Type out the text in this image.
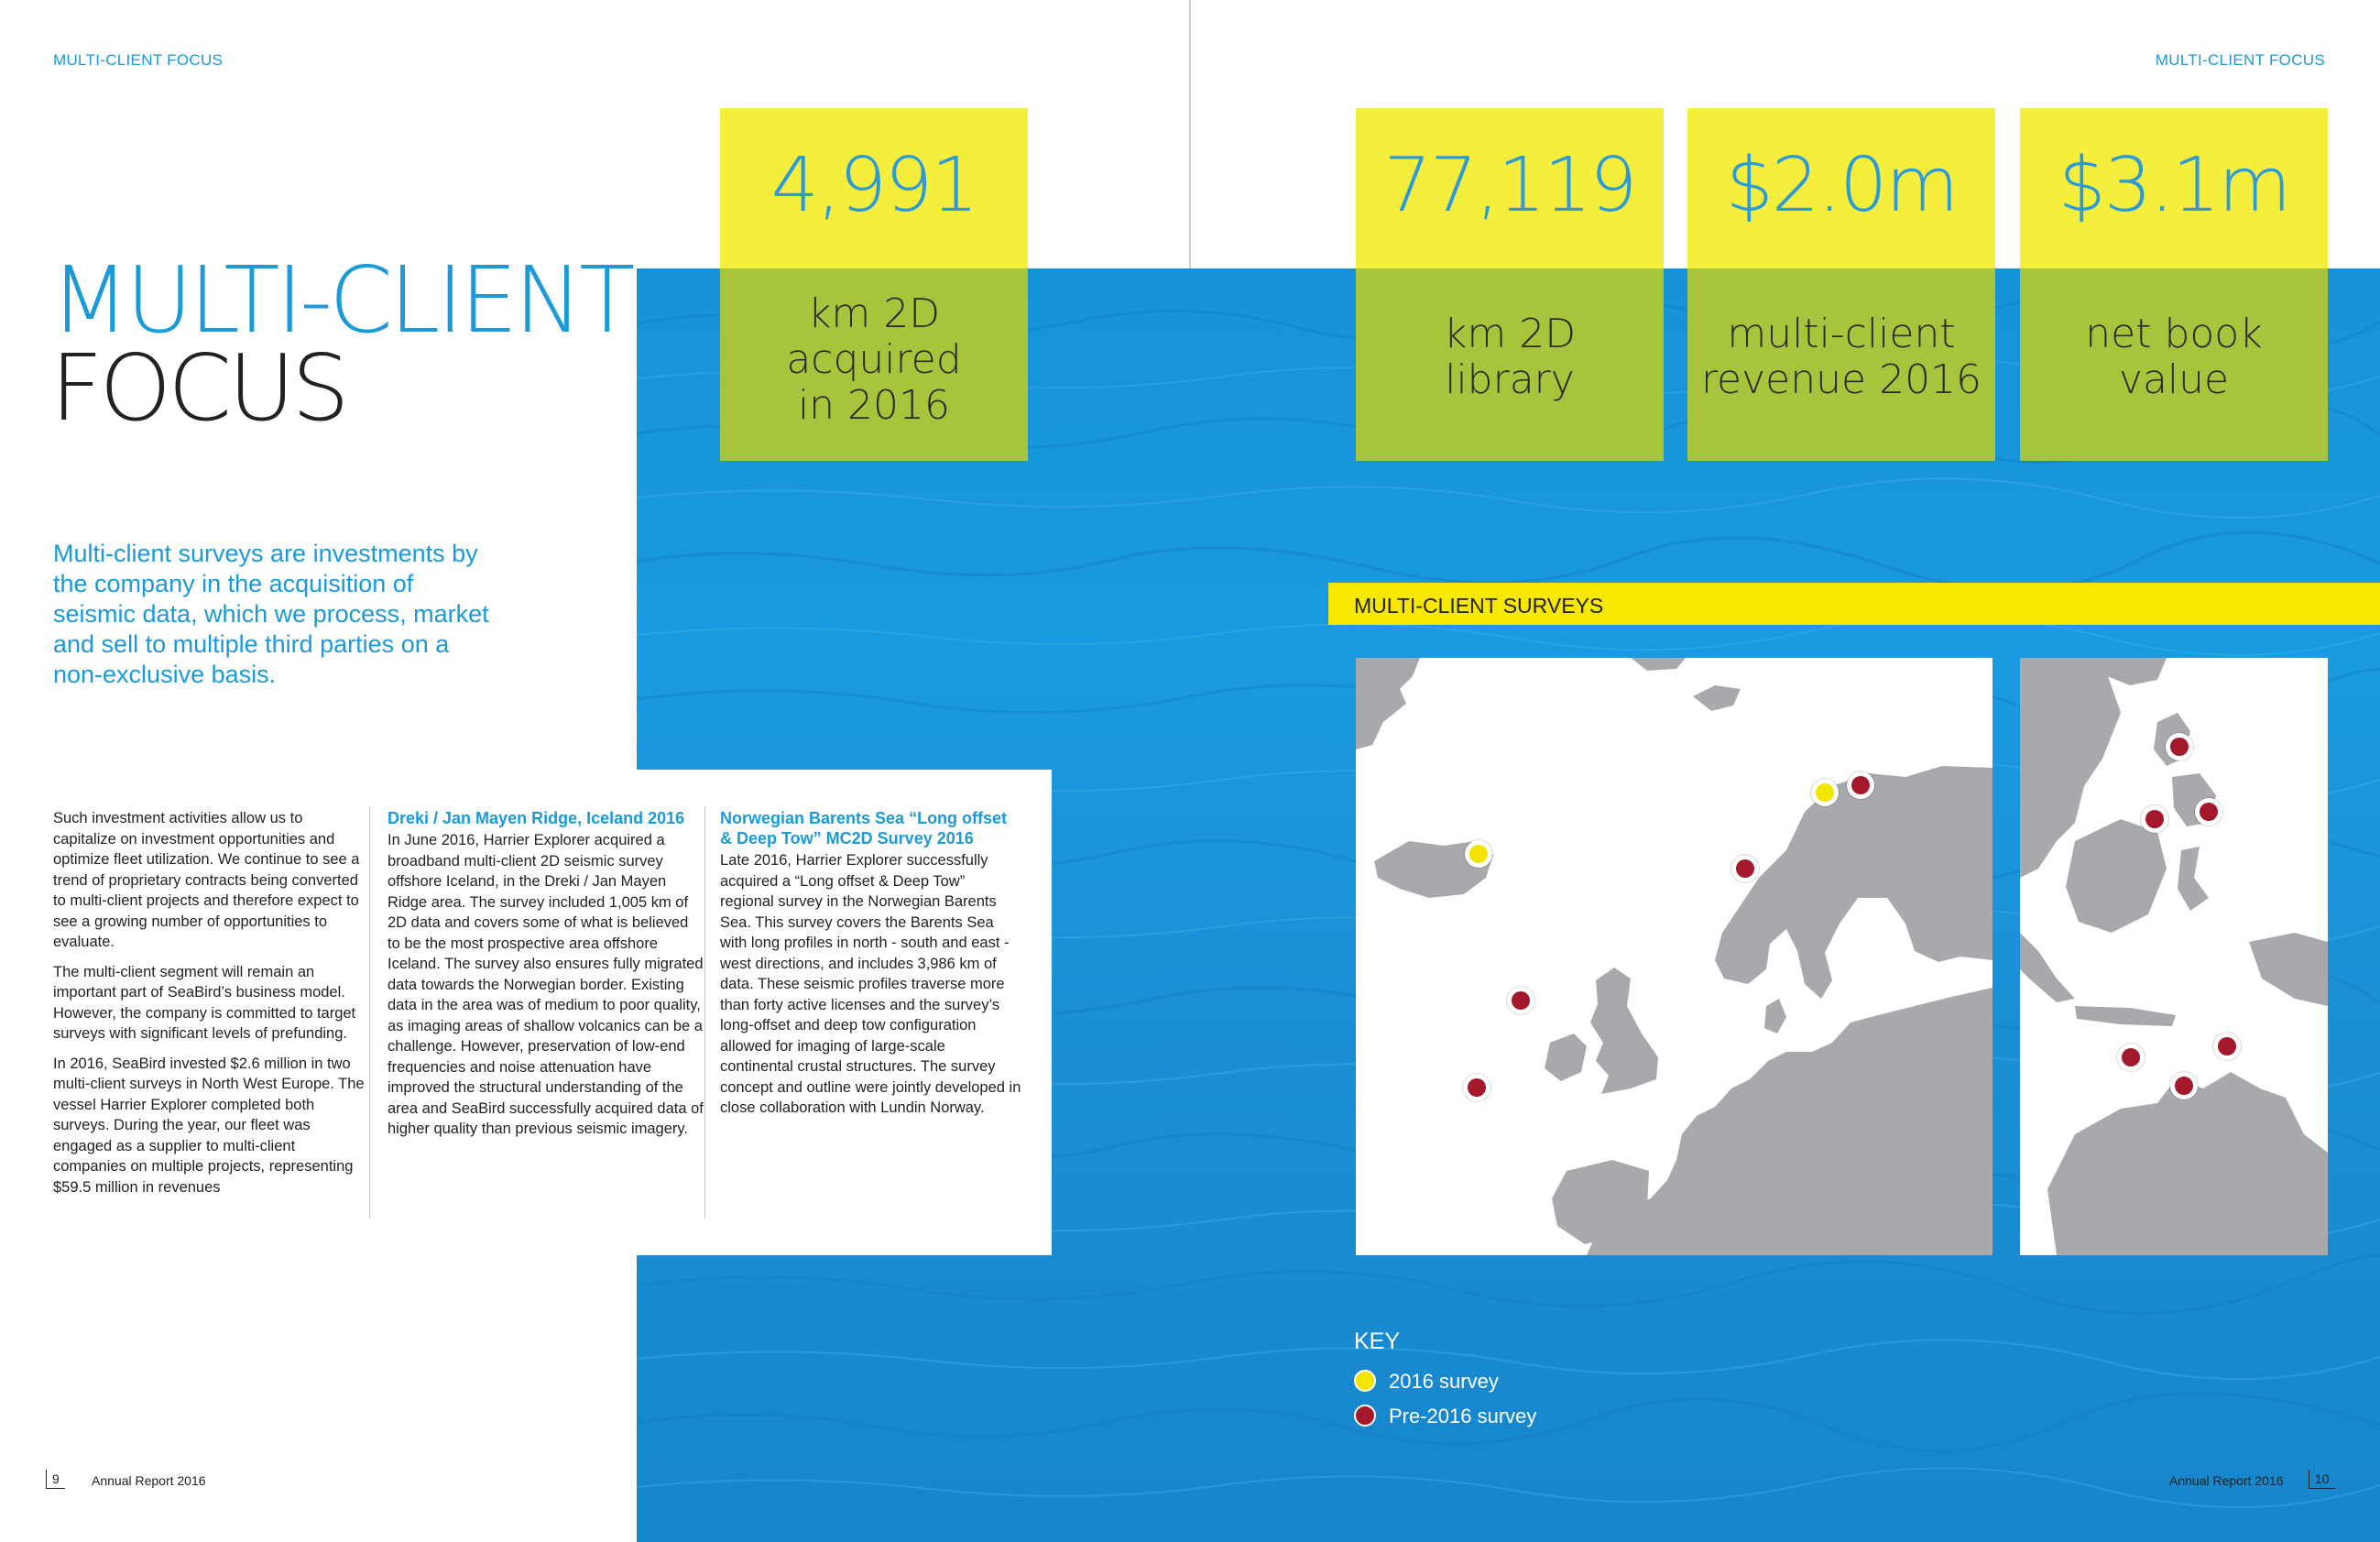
MULTI-CLIENT FOCUS	MULTI-CLIENT FOCUS
MULTI-CLIENT
FOCUS
Multi-client surveys are investments by the company in the acquisition of seismic data, which we process, market and sell to multiple third parties on a non-exclusive basis.

Such investment activities allow us to capitalize on investment opportunities and optimize fleet utilization. We continue to see a trend of proprietary contracts being converted to multi-client projects and therefore expect to see a growing number of opportunities to evaluate.

The multi-client segment will remain an important part of SeaBird’s business model. However, the company is committed to target surveys with significant levels of prefunding.

In 2016, SeaBird invested $2.6 million in two multi-client surveys in North West Europe. The vessel Harrier Explorer completed both surveys. During the year, our fleet was engaged as a supplier to multi-client companies on multiple projects, representing $59.5 million in revenues

Dreki / Jan Mayen Ridge, Iceland 2016

In June 2016, Harrier Explorer acquired a broadband multi-client 2D seismic survey offshore Iceland, in the Dreki / Jan Mayen Ridge area. The survey included 1,005 km of 2D data and covers some of what is believed to be the most prospective area offshore Iceland. The survey also ensures fully migrated data towards the Norwegian border. Existing data in the area was of medium to poor quality, as imaging areas of shallow volcanics can be a challenge. However, preservation of low-end frequencies and noise attenuation have improved the structural understanding of the area and SeaBird successfully acquired data of higher quality than previous seismic imagery.

Norwegian Barents Sea “Long offset & Deep Tow” MC2D Survey 2016

Late 2016, Harrier Explorer successfully acquired a “Long offset & Deep Tow” regional survey in the Norwegian Barents Sea. This survey covers the Barents Sea with long profiles in north - south and east - west directions, and includes 3,986 km of data. These seismic profiles traverse more than forty active licenses and the survey’s long-offset and deep tow configuration allowed for imaging of large-scale continental crustal structures. The survey concept and outline were jointly developed in close collaboration with Lundin Norway.

4,991
km 2D
acquired
in 2016
77,119
km 2D
library
$2.0m
multi-client
revenue 2016
$3.1m
net book
value
MULTI-CLIENT SURVEYS
KEY
2016 survey
Pre-2016 survey
9	Annual Report 2016	Annual Report 2016	10
